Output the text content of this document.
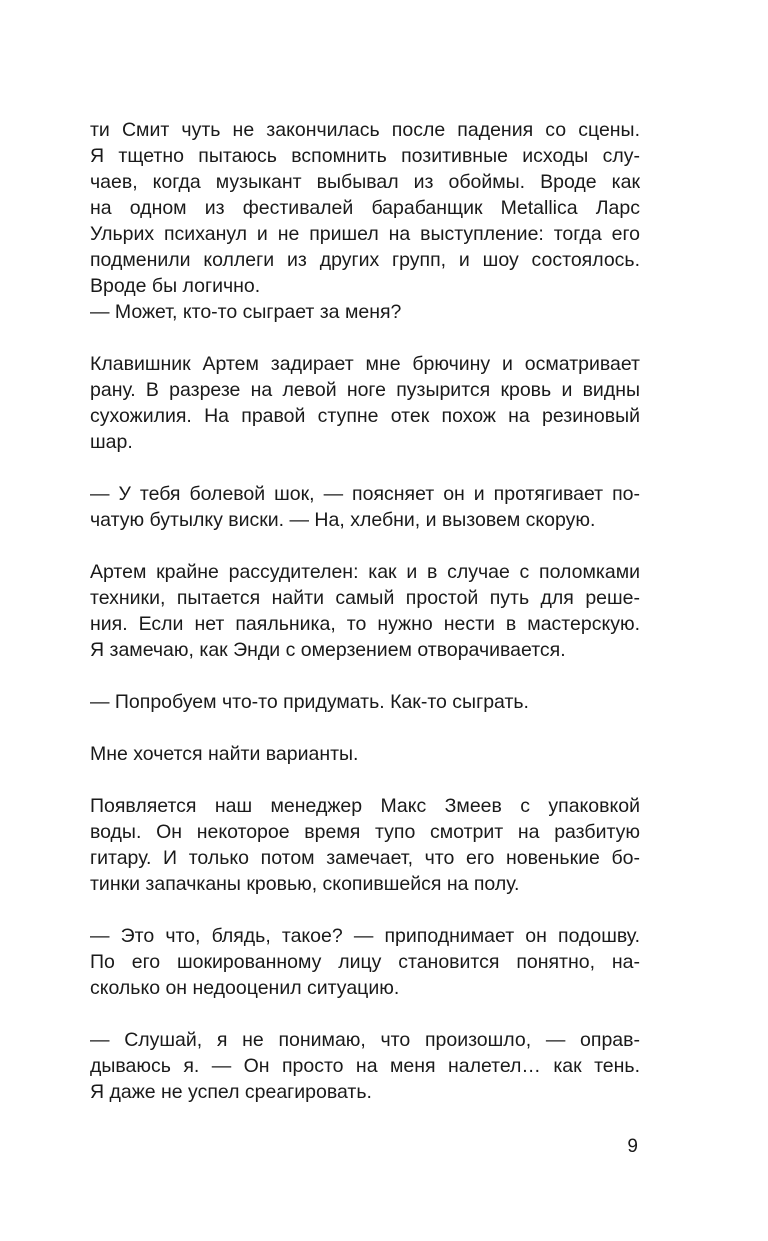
ти Смит чуть не закончилась после падения со сцены.
Я тщетно пытаюсь вспомнить позитивные исходы слу-
чаев, когда музыкант выбывал из обоймы. Вроде как
на одном из фестивалей барабанщик Metallica Ларс
Ульрих психанул и не пришел на выступление: тогда его
подменили коллеги из других групп, и шоу состоялось.
Вроде бы логично.
— Может, кто-то сыграет за меня?
Клавишник Артем задирает мне брючину и осматривает
рану. В разрезе на левой ноге пузырится кровь и видны
сухожилия. На правой ступне отек похож на резиновый
шар.
— У тебя болевой шок, — поясняет он и протягивает по-
чатую бутылку виски. — На, хлебни, и вызовем скорую.
Артем крайне рассудителен: как и в случае с поломками
техники, пытается найти самый простой путь для реше-
ния. Если нет паяльника, то нужно нести в мастерскую.
Я замечаю, как Энди с омерзением отворачивается.
— Попробуем что-то придумать. Как-то сыграть.
Мне хочется найти варианты.
Появляется наш менеджер Макс Змеев с упаковкой
воды. Он некоторое время тупо смотрит на разбитую
гитару. И только потом замечает, что его новенькие бо-
тинки запачканы кровью, скопившейся на полу.
— Это что, блядь, такое? — приподнимает он подошву.
По его шокированному лицу становится понятно, на-
сколько он недооценил ситуацию.
— Слушай, я не понимаю, что произошло, — оправ-
дываюсь я. — Он просто на меня налетел… как тень.
Я даже не успел среагировать.
9
